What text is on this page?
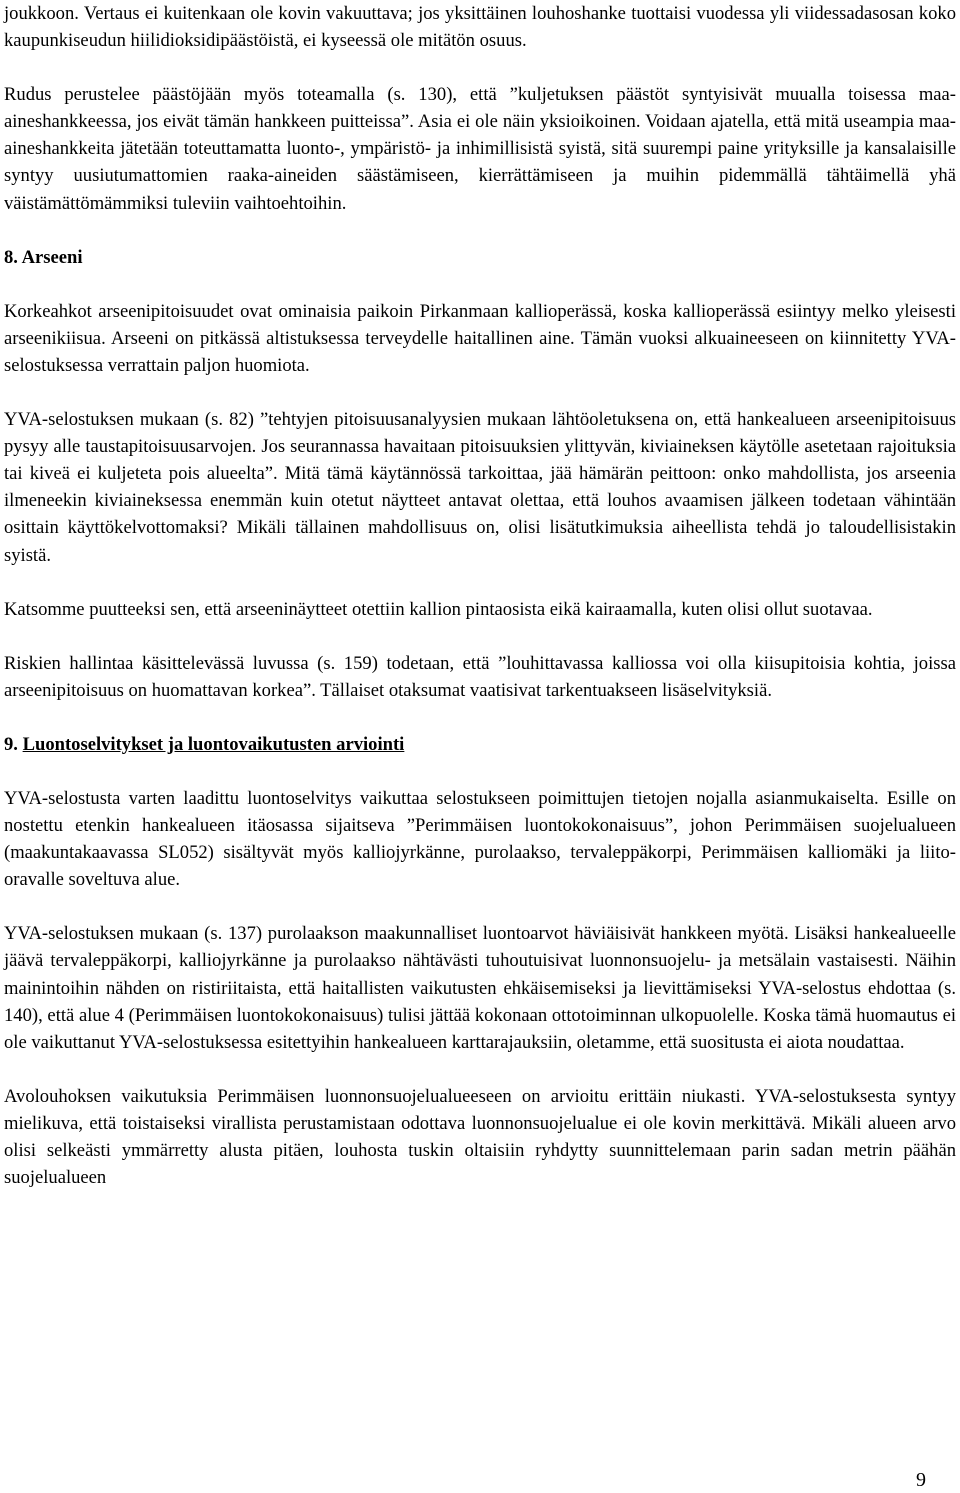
joukkoon. Vertaus ei kuitenkaan ole kovin vakuuttava; jos yksittäinen louhoshanke tuottaisi vuodessa yli viidessadasosan koko kaupunkiseudun hiilidioksidipäästöistä, ei kyseessä ole mitätön osuus.

Rudus perustelee päästöjään myös toteamalla (s. 130), että ”kuljetuksen päästöt syntyisivät muualla toisessa maa-aineshankkeessa, jos eivät tämän hankkeen puitteissa”. Asia ei ole näin yksioikoinen. Voidaan ajatella, että mitä useampia maa-aineshankkeita jätetään toteuttamatta luonto-, ympäristö- ja inhimillisistä syistä, sitä suurempi paine yrityksille ja kansalaisille syntyy uusiutumattomien raaka-aineiden säästämiseen, kierrättämiseen ja muihin pidemmällä tähtäimellä yhä väistämättömämmiksi tuleviin vaihtoehtoihin.

8. Arseeni

Korkeahkot arseenipitoisuudet ovat ominaisia paikoin Pirkanmaan kallioperässä, koska kallioperässä esiintyy melko yleisesti arseenikiisua. Arseeni on pitkässä altistuksessa terveydelle haitallinen aine. Tämän vuoksi alkuaineeseen on kiinnitetty YVA-selostuksessa verrattain paljon huomiota.

YVA-selostuksen mukaan (s. 82) ”tehtyjen pitoisuusanalyysien mukaan lähtöoletuksena on, että hankealueen arseenipitoisuus pysyy alle taustapitoisuusarvojen. Jos seurannassa havaitaan pitoisuuksien ylittyvän, kiviaineksen käytölle asetetaan rajoituksia tai kiveä ei kuljeteta pois alueelta”. Mitä tämä käytännössä tarkoittaa, jää hämärän peittoon: onko mahdollista, jos arseenia ilmeneekin kiviaineksessa enemmän kuin otetut näytteet antavat olettaa, että louhos avaamisen jälkeen todetaan vähintään osittain käyttökelvottomaksi? Mikäli tällainen mahdollisuus on, olisi lisätutkimuksia aiheellista tehdä jo taloudellisistakin syistä.

Katsomme puutteeksi sen, että arseeninäytteet otettiin kallion pintaosista eikä kairaamalla, kuten olisi ollut suotavaa.

Riskien hallintaa käsittelevässä luvussa (s. 159) todetaan, että ”louhittavassa kalliossa voi olla kiisupitoisia kohtia, joissa arseenipitoisuus on huomattavan korkea”. Tällaiset otaksumat vaatisivat tarkentuakseen lisäselvityksiä.

9. Luontoselvitykset ja luontovaikutusten arviointi

YVA-selostusta varten laadittu luontoselvitys vaikuttaa selostukseen poimittujen tietojen nojalla asianmukaiselta. Esille on nostettu etenkin hankealueen itäosassa sijaitseva ”Perimmäisen luontokokonaisuus”, johon Perimmäisen suojelualueen (maakuntakaavassa SL052) sisältyvät myös kalliojyrkänne, purolaakso, tervaleppäkorpi, Perimmäisen kalliomäki ja liito-oravalle soveltuva alue.

YVA-selostuksen mukaan (s. 137) purolaakson maakunnalliset luontoarvot häviäisivät hankkeen myötä. Lisäksi hankealueelle jäävä tervaleppäkorpi, kalliojyrkänne ja purolaakso nähtävästi tuhoutuisivat luonnonsuojelu- ja metsälain vastaisesti. Näihin mainintoihin nähden on ristiriitaista, että haitallisten vaikutusten ehkäisemiseksi ja lievittämiseksi YVA-selostus ehdottaa (s. 140), että alue 4 (Perimmäisen luontokokonaisuus) tulisi jättää kokonaan ottotoiminnan ulkopuolelle. Koska tämä huomautus ei ole vaikuttanut YVA-selostuksessa esitettyihin hankealueen karttarajauksiin, oletamme, että suositusta ei aiota noudattaa.

Avolouhoksen vaikutuksia Perimmäisen luonnonsuojelualueeseen on arvioitu erittäin niukasti. YVA-selostuksesta syntyy mielikuva, että toistaiseksi virallista perustamistaan odottava luonnonsuojelualue ei ole kovin merkittävä. Mikäli alueen arvo olisi selkeästi ymmärretty alusta pitäen, louhosta tuskin oltaisiin ryhdytty suunnittelemaan parin sadan metrin päähän suojelualueen

9
